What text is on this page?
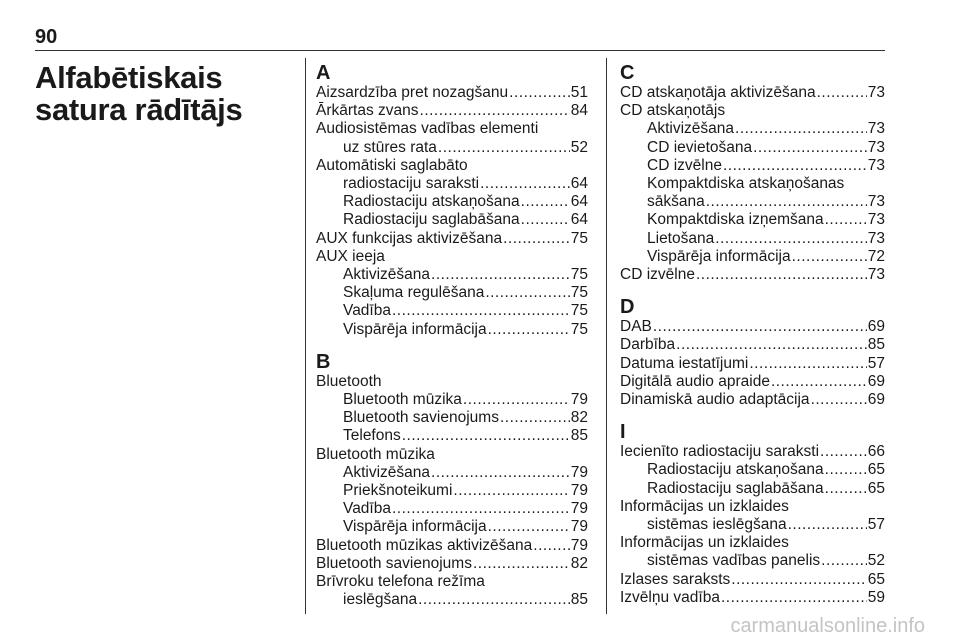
90
Alfabētiskais satura rādītājs
A
Aizsardzība pret nozagšanu .....	51
Ārkārtas zvans .....	84
Audiosistēmas vadības elementi
uz stūres rata .....	52
Automātiski saglabāto
radiostaciju saraksti .....	64
Radiostaciju atskaņošana .....	64
Radiostaciju saglabāšana .....	64
AUX funkcijas aktivizēšana .....	75
AUX ieeja
Aktivizēšana .....	75
Skaļuma regulēšana .....	75
Vadība .....	75
Vispārēja informācija .....	75
B
Bluetooth
Bluetooth mūzika .....	79
Bluetooth savienojums .....	82
Telefons .....	85
Bluetooth mūzika
Aktivizēšana .....	79
Priekšnoteikumi .....	79
Vadība .....	79
Vispārēja informācija .....	79
Bluetooth mūzikas aktivizēšana ..... 79
Bluetooth savienojums .....	82
Brīvroku telefona režīma
ieslēgšana .....	85
C
CD atskaņotāja aktivizēšana .....	73
CD atskaņotājs
Aktivizēšana .....	73
CD ievietošana .....	73
CD izvēlne .....	73
Kompaktdiska atskaņošanas
sākšana .....	73
Kompaktdiska izņemšana .....	73
Lietošana .....	73
Vispārēja informācija .....	72
CD izvēlne .....	73
D
DAB .....	69
Darbība .....	85
Datuma iestatījumi .....	57
Digitālā audio apraide .....	69
Dinamiskā audio adaptācija .....	69
I
Iecienīto radiostaciju saraksti .....	66
Radiostaciju atskaņošana .....	65
Radiostaciju saglabāšana .....	65
Informācijas un izklaides
sistēmas ieslēgšana .....	57
Informācijas un izklaides
sistēmas vadības panelis .....	52
Izlases saraksts .....	65
Izvēlņu vadība .....	59
carmanualsonline.info
